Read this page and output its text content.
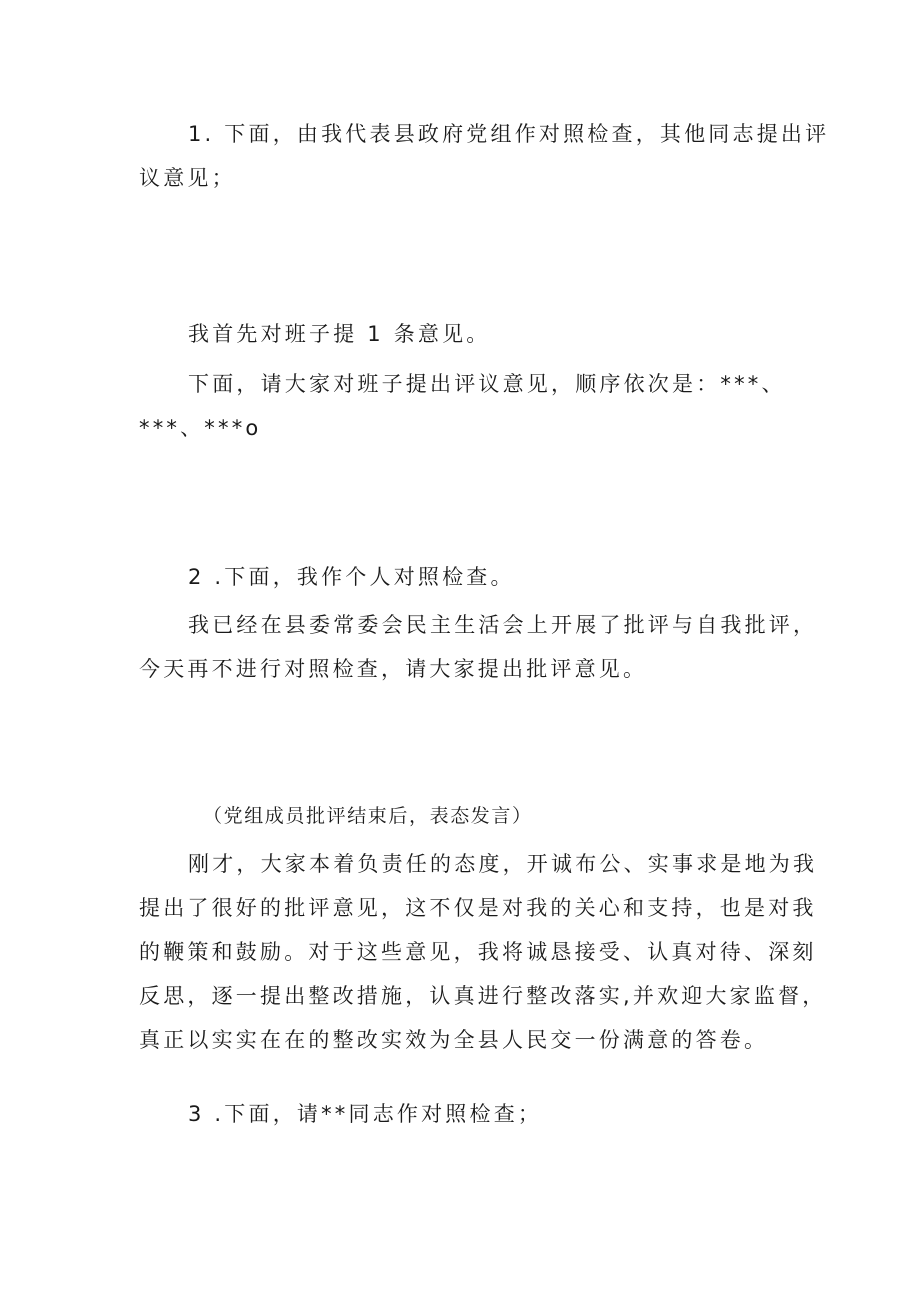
1. 下面，由我代表县政府党组作对照检查，其他同志提出评
议意见；

我首先对班子提 1 条意见。

下面，请大家对班子提出评议意见，顺序依次是：***、
***、***o

2 .下面，我作个人对照检查。

我已经在县委常委会民主生活会上开展了批评与自我批评，
今天再不进行对照检查，请大家提出批评意见。

（党组成员批评结束后，表态发言）

刚才，大家本着负责任的态度，开诚布公、实事求是地为我
提出了很好的批评意见，这不仅是对我的关心和支持，也是对我
的鞭策和鼓励。对于这些意见，我将诚恳接受、认真对待、深刻
反思，逐一提出整改措施，认真进行整改落实,并欢迎大家监督，
真正以实实在在的整改实效为全县人民交一份满意的答卷。

3 .下面，请**同志作对照检查；
